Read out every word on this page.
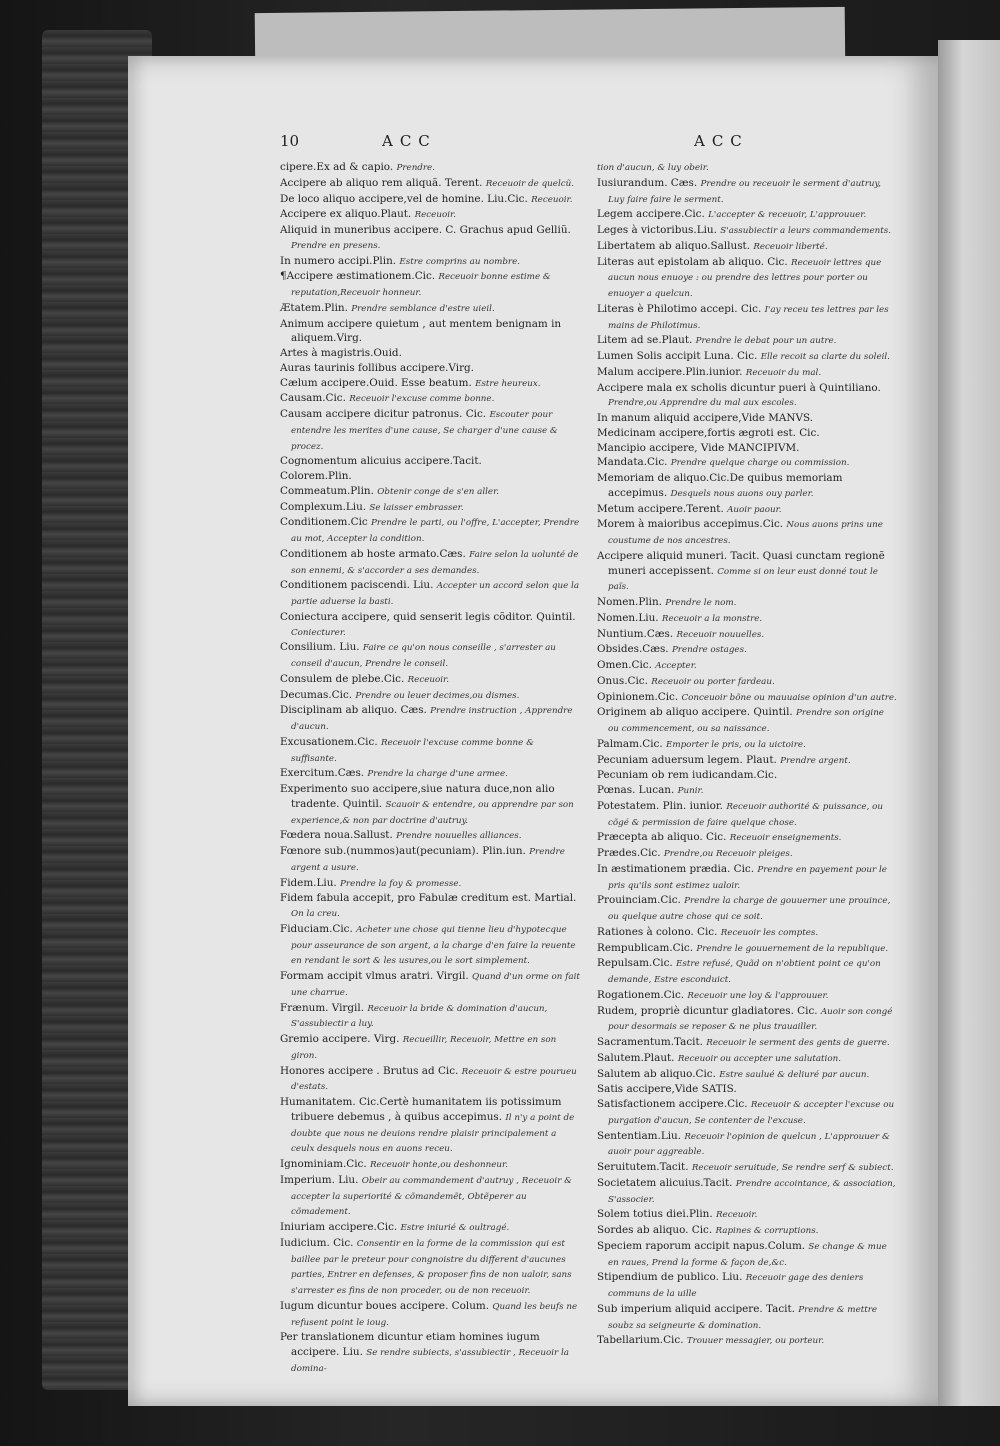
10	ACC	ACC

cipere.Ex ad & capio. Prendre.

Accipere ab aliquo rem aliquã. Terent. Receuoir de quelcũ.

De loco aliquo accipere,vel de homine. Liu.Cic. Receuoir.

Accipere ex aliquo.Plaut. Receuoir.

Aliquid in muneribus accipere. C. Grachus apud Gelliũ. Prendre en presens.

In numero accipi.Plin. Estre comprins au nombre.

¶Accipere æstimationem.Cic. Receuoir bonne estime & reputation,Receuoir honneur.

Ætatem.Plin. Prendre semblance d'estre uieil.

Animum accipere quietum , aut mentem benignam in aliquem.Virg.

Artes à magistris.Ouid.

Auras taurinis follibus accipere.Virg.

Cælum accipere.Ouid. Esse beatum. Estre heureux.

Causam.Cic. Receuoir l'excuse comme bonne.

Causam accipere dicitur patronus. Cic. Escouter pour entendre les merites d'une cause, Se charger d'une cause & procez.

Cognomentum alicuius accipere.Tacit.

Colorem.Plin.

Commeatum.Plin. Obtenir conge de s'en aller.

Complexum.Liu. Se laisser embrasser.

Conditionem.Cic Prendre le parti, ou l'offre, L'accepter, Prendre au mot, Accepter la condition.

Conditionem ab hoste armato.Cæs. Faire selon la uolunté de son ennemi, & s'accorder a ses demandes.

Conditionem paciscendi. Liu. Accepter un accord selon que la partie aduerse la basti.

Coniectura accipere, quid senserit legis cõditor. Quintil. Coniecturer.

Consilium. Liu. Faire ce qu'on nous conseille , s'arrester au conseil d'aucun, Prendre le conseil.

Consulem de plebe.Cic. Receuoir.

Decumas.Cic. Prendre ou leuer decimes,ou dismes.

Disciplinam ab aliquo. Cæs. Prendre instruction , Apprendre d'aucun.

Excusationem.Cic. Receuoir l'excuse comme bonne & suffisante.

Exercitum.Cæs. Prendre la charge d'une armee.

Experimento suo accipere,siue natura duce,non alio tradente. Quintil. Scauoir & entendre, ou apprendre par son experience,& non par doctrine d'autruy.

Fœdera noua.Sallust. Prendre nouuelles alliances.

Fœnore sub.(nummos)aut(pecuniam). Plin.iun. Prendre argent a usure.

Fidem.Liu. Prendre la foy & promesse.

Fidem fabula accepit, pro Fabulæ creditum est. Martial. On la creu.

Fiduciam.Cic. Acheter une chose qui tienne lieu d'hypotecque pour asseurance de son argent, a la charge d'en faire la reuente en rendant le sort & les usures,ou le sort simplement.

Formam accipit vlmus aratri. Virgil. Quand d'un orme on fait une charrue.

Frænum. Virgil. Receuoir la bride & domination d'aucun, S'assubiectir a luy.

Gremio accipere. Virg. Recueillir, Receuoir, Mettre en son giron.

Honores accipere . Brutus ad Cic. Receuoir & estre pourueu d'estats.

Humanitatem. Cic.Certè humanitatem iis potissimum tribuere debemus , à quibus accepimus. Il n'y a point de doubte que nous ne deuions rendre plaisir principalement a ceulx desquels nous en auons receu.

Ignominiam.Cic. Receuoir honte,ou deshonneur.

Imperium. Liu. Obeir au commandement d'autruy , Receuoir & accepter la superiorité & cõmandemẽt, Obtẽperer au cõmadement.

Iniuriam accipere.Cic. Estre iniurié & oultragé.

Iudicium. Cic. Consentir en la forme de la commission qui est baillee par le preteur pour congnoistre du different d'aucunes parties, Entrer en defenses, & proposer fins de non ualoir, sans s'arrester es fins de non proceder, ou de non receuoir.

Iugum dicuntur boues accipere. Colum. Quand les beufs ne refusent point le ioug.

Per translationem dicuntur etiam homines iugum accipere. Liu. Se rendre subiects, s'assubiectir , Receuoir la domina-

tion d'aucun, & luy obeir.

Iusiurandum. Cæs. Prendre ou receuoir le serment d'autruy, Luy faire faire le serment.

Legem accipere.Cic. L'accepter & receuoir, L'approuuer.

Leges à victoribus.Liu. S'assubiectir a leurs commandements.

Libertatem ab aliquo.Sallust. Receuoir liberté.

Literas aut epistolam ab aliquo. Cic. Receuoir lettres que aucun nous enuoye : ou prendre des lettres pour porter ou enuoyer a quelcun.

Literas è Philotimo accepi. Cic. I'ay receu tes lettres par les mains de Philotimus.

Litem ad se.Plaut. Prendre le debat pour un autre.

Lumen Solis accipit Luna. Cic. Elle recoit sa clarte du soleil.

Malum accipere.Plin.iunior. Receuoir du mal.

Accipere mala ex scholis dicuntur pueri à Quintiliano. Prendre,ou Apprendre du mal aux escoles.

In manum aliquid accipere,Vide MANVS.

Medicinam accipere,fortis ægroti est. Cic.

Mancipio accipere, Vide MANCIPIVM.

Mandata.Cic. Prendre quelque charge ou commission.

Memoriam de aliquo.Cic.De quibus memoriam accepimus. Desquels nous auons ouy parler.

Metum accipere.Terent. Auoir paour.

Morem à maioribus accepimus.Cic. Nous auons prins une coustume de nos ancestres.

Accipere aliquid muneri. Tacit. Quasi cunctam regionẽ muneri accepissent. Comme si on leur eust donné tout le païs.

Nomen.Plin. Prendre le nom.

Nomen.Liu. Receuoir a la monstre.

Nuntium.Cæs. Receuoir nouuelles.

Obsides.Cæs. Prendre ostages.

Omen.Cic. Accepter.

Onus.Cic. Receuoir ou porter fardeau.

Opinionem.Cic. Conceuoir bõne ou mauuaise opinion d'un autre.

Originem ab aliquo accipere. Quintil. Prendre son origine ou commencement, ou sa naissance.

Palmam.Cic. Emporter le pris, ou la uictoire.

Pecuniam aduersum legem. Plaut. Prendre argent.

Pecuniam ob rem iudicandam.Cic.

Pœnas. Lucan. Punir.

Potestatem. Plin. iunior. Receuoir authorité & puissance, ou cõgé & permission de faire quelque chose.

Præcepta ab aliquo. Cic. Receuoir enseignements.

Prædes.Cic. Prendre,ou Receuoir pleiges.

In æstimationem prædia. Cic. Prendre en payement pour le pris qu'ils sont estimez ualoir.

Prouinciam.Cic. Prendre la charge de gouuerner une prouince, ou quelque autre chose qui ce soit.

Rationes à colono. Cic. Receuoir les comptes.

Rempublicam.Cic. Prendre le gouuernement de la republique.

Repulsam.Cic. Estre refusé, Quãd on n'obtient point ce qu'on demande, Estre esconduict.

Rogationem.Cic. Receuoir une loy & l'approuuer.

Rudem, propriè dicuntur gladiatores. Cic. Auoir son congé pour desormais se reposer & ne plus trauailler.

Sacramentum.Tacit. Receuoir le serment des gents de guerre.

Salutem.Plaut. Receuoir ou accepter une salutation.

Salutem ab aliquo.Cic. Estre saulué & deliuré par aucun.

Satis accipere,Vide SATIS.

Satisfactionem accipere.Cic. Receuoir & accepter l'excuse ou purgation d'aucun, Se contenter de l'excuse.

Sententiam.Liu. Receuoir l'opinion de quelcun , L'approuuer & auoir pour aggreable.

Seruitutem.Tacit. Receuoir seruitude, Se rendre serf & subiect.

Societatem alicuius.Tacit. Prendre accointance, & association, S'associer.

Solem totius diei.Plin. Receuoir.

Sordes ab aliquo. Cic. Rapines & corruptions.

Speciem raporum accipit napus.Colum. Se change & mue en raues, Prend la forme & façon de,&c.

Stipendium de publico. Liu. Receuoir gage des deniers communs de la uille

Sub imperium aliquid accipere. Tacit. Prendre & mettre soubz sa seigneurie & domination.

Tabellarium.Cic. Trouuer messagier, ou porteur.
